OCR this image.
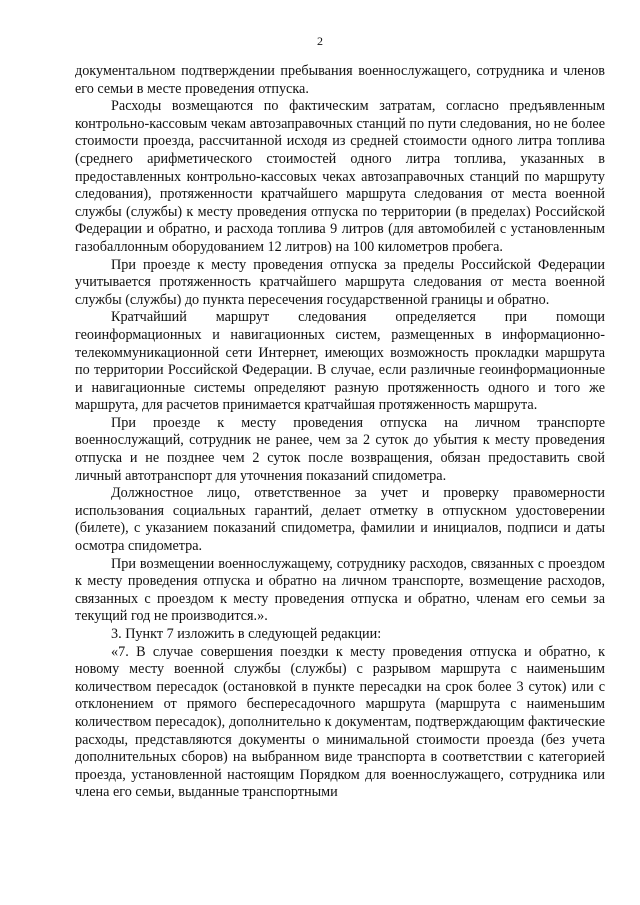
2

документальном подтверждении пребывания военнослужащего, сотрудника и членов его семьи в месте проведения отпуска.

Расходы возмещаются по фактическим затратам, согласно предъявленным контрольно-кассовым чекам автозаправочных станций по пути следования, но не более стоимости проезда, рассчитанной исходя из средней стоимости одного литра топлива (среднего арифметического стоимостей одного литра топлива, указанных в предоставленных контрольно-кассовых чеках автозаправочных станций по маршруту следования), протяженности кратчайшего маршрута следования от места военной службы (службы) к месту проведения отпуска по территории (в пределах) Российской Федерации и обратно, и расхода топлива 9 литров (для автомобилей с установленным газобаллонным оборудованием 12 литров) на 100 километров пробега.

При проезде к месту проведения отпуска за пределы Российской Федерации учитывается протяженность кратчайшего маршрута следования от места военной службы (службы) до пункта пересечения государственной границы и обратно.

Кратчайший маршрут следования определяется при помощи геоинформационных и навигационных систем, размещенных в информационно-телекоммуникационной сети Интернет, имеющих возможность прокладки маршрута по территории Российской Федерации. В случае, если различные геоинформационные и навигационные системы определяют разную протяженность одного и того же маршрута, для расчетов принимается кратчайшая протяженность маршрута.

При проезде к месту проведения отпуска на личном транспорте военнослужащий, сотрудник не ранее, чем за 2 суток до убытия к месту проведения отпуска и не позднее чем 2 суток после возвращения, обязан предоставить свой личный автотранспорт для уточнения показаний спидометра.

Должностное лицо, ответственное за учет и проверку правомерности использования социальных гарантий, делает отметку в отпускном удостоверении (билете), с указанием показаний спидометра, фамилии и инициалов, подписи и даты осмотра спидометра.

При возмещении военнослужащему, сотруднику расходов, связанных с проездом к месту проведения отпуска и обратно на личном транспорте, возмещение расходов, связанных с проездом к месту проведения отпуска и обратно, членам его семьи за текущий год не производится.».

3. Пункт 7 изложить в следующей редакции:

«7. В случае совершения поездки к месту проведения отпуска и обратно, к новому месту военной службы (службы) с разрывом маршрута с наименьшим количеством пересадок (остановкой в пункте пересадки на срок более 3 суток) или с отклонением от прямого беспересадочного маршрута (маршрута с наименьшим количеством пересадок), дополнительно к документам, подтверждающим фактические расходы, представляются документы о минимальной стоимости проезда (без учета дополнительных сборов) на выбранном виде транспорта в соответствии с категорией проезда, установленной настоящим Порядком для военнослужащего, сотрудника или члена его семьи, выданные транспортными
